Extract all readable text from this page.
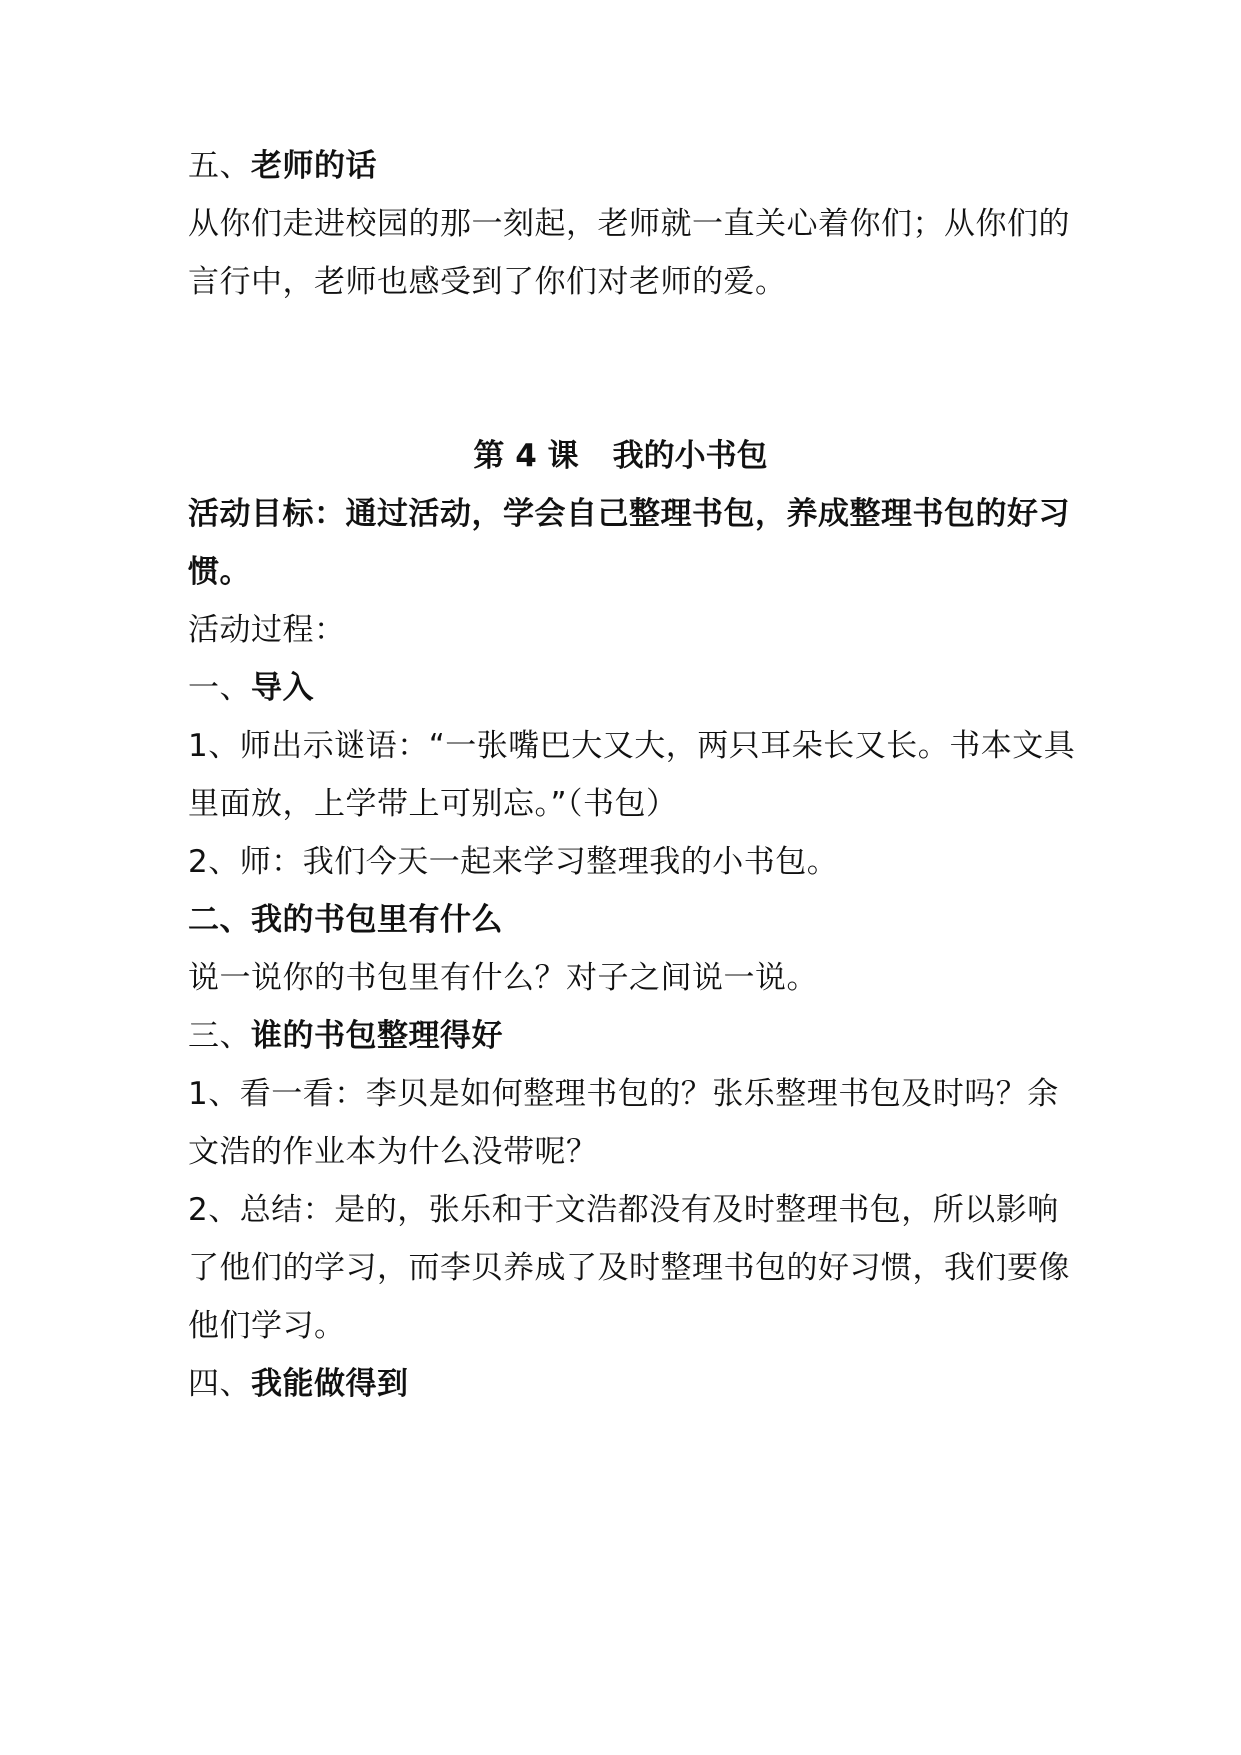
五、老师的话

从你们走进校园的那一刻起，老师就一直关心着你们；从你们的

言行中，老师也感受到了你们对老师的爱。

第 4 课 我的小书包

活动目标：通过活动，学会自己整理书包，养成整理书包的好习

惯。

活动过程：

一、导入

1、师出示谜语：“一张嘴巴大又大，两只耳朵长又长。书本文具

里面放，上学带上可别忘。”（书包）

2、师：我们今天一起来学习整理我的小书包。

二、我的书包里有什么

说一说你的书包里有什么？对子之间说一说。

三、谁的书包整理得好

1、看一看：李贝是如何整理书包的？张乐整理书包及时吗？余

文浩的作业本为什么没带呢？

2、总结：是的，张乐和于文浩都没有及时整理书包，所以影响

了他们的学习，而李贝养成了及时整理书包的好习惯，我们要像

他们学习。

四、我能做得到
